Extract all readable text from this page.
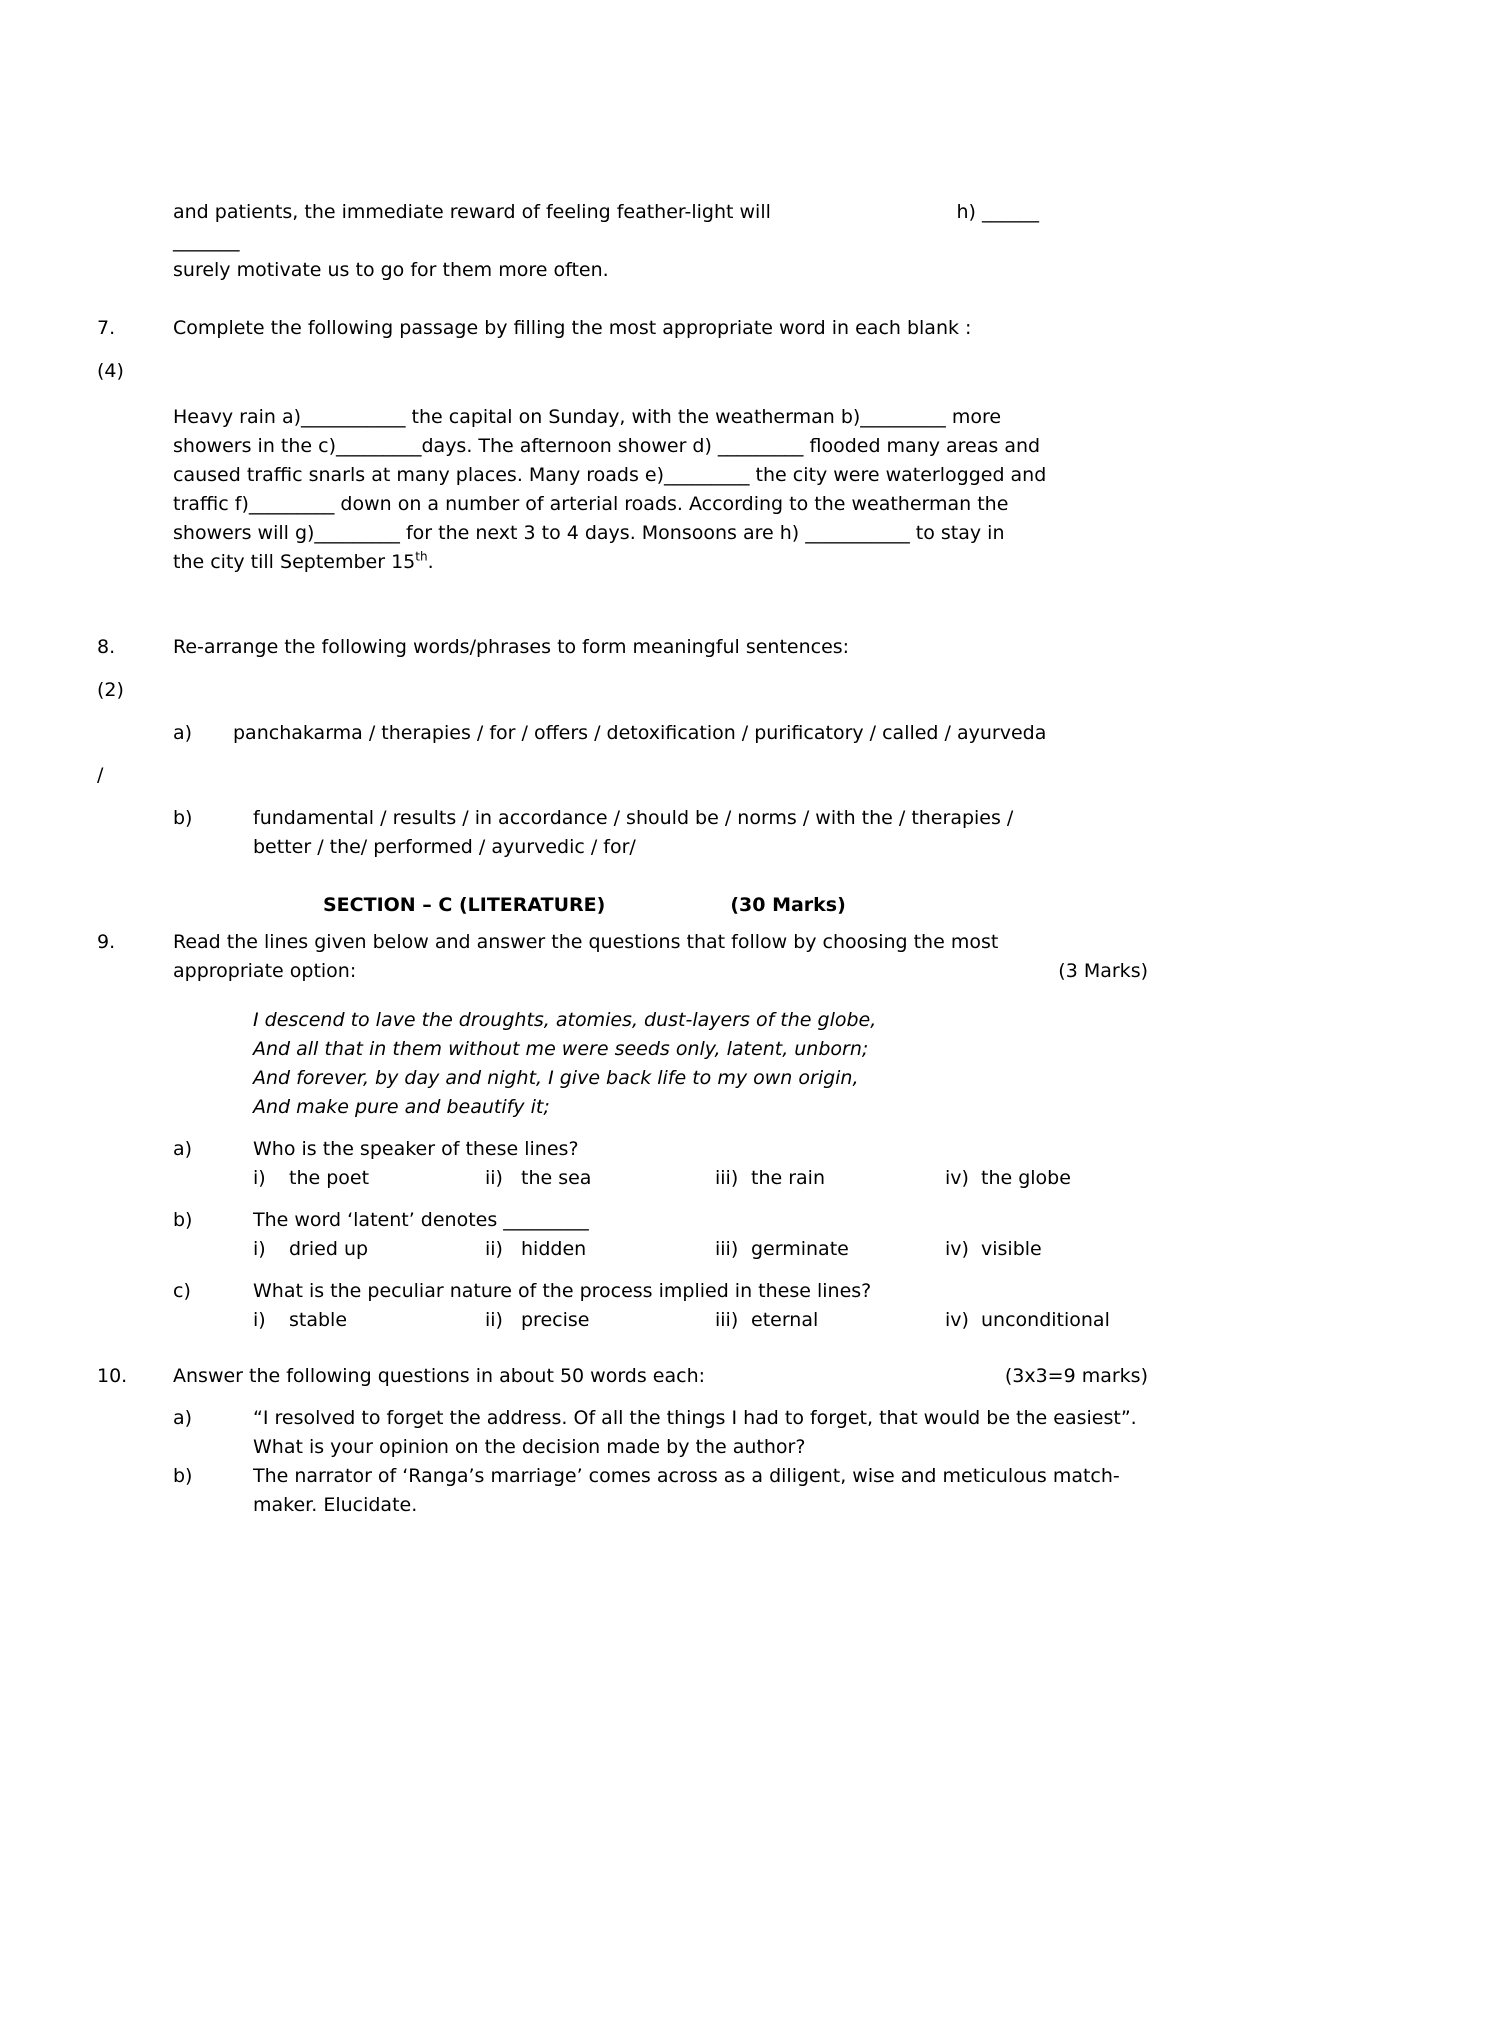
and patients, the immediate reward of feeling feather-light will	h) ______
_______
surely motivate us to go for them more often.
7.	Complete the following passage by filling the most appropriate word in each blank :
(4)
Heavy rain a)___________ the capital on Sunday, with the weatherman b)_________ more
showers in the c)_________days. The afternoon shower d) _________ flooded many areas and
caused traffic snarls at many places. Many roads e)_________ the city were waterlogged and
traffic f)_________ down on a number of arterial roads. According to the weatherman the
showers will g)_________ for the next 3 to 4 days. Monsoons are h) ___________ to stay in
the city till September 15th.
8.	Re-arrange the following words/phrases to form meaningful sentences:
(2)
a)	panchakarma / therapies / for / offers / detoxification / purificatory / called / ayurveda
/
b)	fundamental / results / in accordance / should be / norms / with the / therapies /
better / the/ performed / ayurvedic / for/
SECTION – C (LITERATURE)	(30 Marks)
9.	Read the lines given below and answer the questions that follow by choosing the most
appropriate option:	(3 Marks)
I descend to lave the droughts, atomies, dust-layers of the globe,
And all that in them without me were seeds only, latent, unborn;
And forever, by day and night, I give back life to my own origin,
And make pure and beautify it;
a)	Who is the speaker of these lines?
i)	the poet	ii) the sea	iii) the rain	iv) the globe
b)	The word ‘latent’ denotes _________
i)	dried up	ii) hidden	iii) germinate	iv) visible
c)	What is the peculiar nature of the process implied in these lines?
i)	stable	ii) precise	iii) eternal	iv) unconditional
10.	Answer the following questions in about 50 words each:	(3x3=9 marks)
a)	“I resolved to forget the address. Of all the things I had to forget, that would be the easiest”. What is your opinion on the decision made by the author?
b)	The narrator of ‘Ranga’s marriage’ comes across as a diligent, wise and meticulous match-maker. Elucidate.
